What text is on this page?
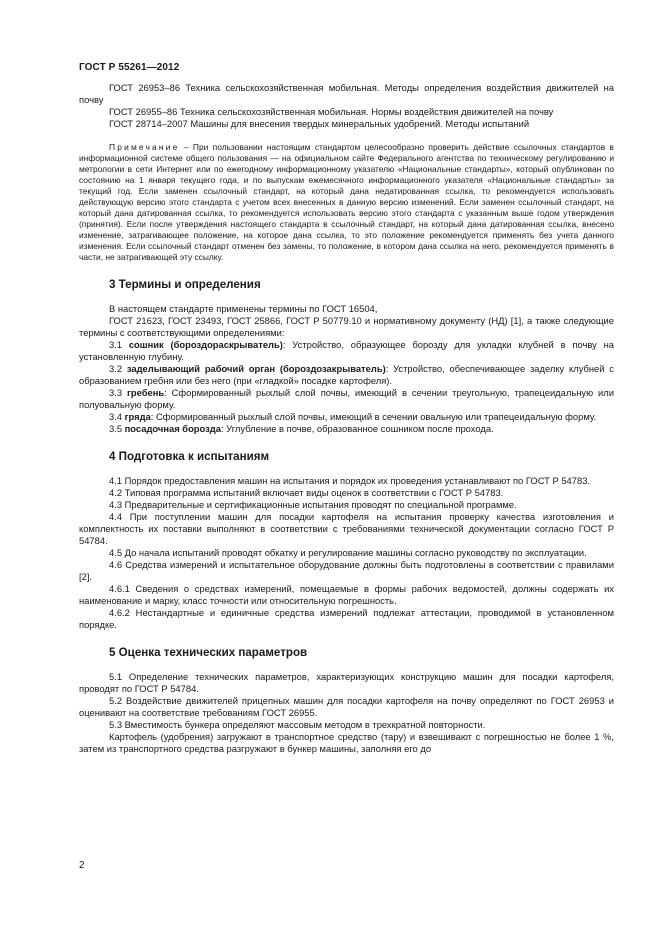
ГОСТ Р 55261—2012

ГОСТ 26953–86 Техника сельскохозяйственная мобильная. Методы определения воздействия движителей на почву

ГОСТ 26955–86 Техника сельскохозяйственная мобильная. Нормы воздействия движителей на почву

ГОСТ 28714–2007 Машины для внесения твердых минеральных удобрений. Методы испытаний

Примечание – При пользовании настоящим стандартом целесообразно проверить действие ссылочных стандартов в информационной системе общего пользования — на официальном сайте Федерального агентства по техническому регулированию и метрологии в сети Интернет или по ежегодному информационному указателю «Национальные стандарты», который опубликован по состоянию на 1 января текущего года, и по выпускам ежемесячного информационного указателя «Национальные стандарты» за текущий год. Если заменен ссылочный стандарт, на который дана недатированная ссылка, то рекомендуется использовать действующую версию этого стандарта с учетом всех внесенных в данную версию изменений. Если заменен ссылочный стандарт, на который дана датированная ссылка, то рекомендуется использовать версию этого стандарта с указанным выше годом утверждения (принятия). Если после утверждения настоящего стандарта в ссылочный стандарт, на который дана датированная ссылка, внесено изменение, затрагивающее положение, на которое дана ссылка, то это положение рекомендуется применять без учета данного изменения. Если ссылочный стандарт отменен без замены, то положение, в котором дана ссылка на него, рекомендуется применять в части, не затрагивающей эту ссылку.

3 Термины и определения

В настоящем стандарте применены термины по ГОСТ 16504,

ГОСТ 21623, ГОСТ 23493, ГОСТ 25866, ГОСТ Р 50779.10 и нормативному документу (НД) [1], а также следующие термины с соответствующими определениями:

3.1 сошник (бороздораскрыватель): Устройство, образующее борозду для укладки клубней в почву на установленную глубину.

3.2 заделывающий рабочий орган (бороздозакрыватель): Устройство, обеспечивающее заделку клубней с образованием гребня или без него (при «гладкой» посадке картофеля).

3.3 гребень: Сформированный рыхлый слой почвы, имеющий в сечении треугольную, трапецеидальную или полуовальную форму.

3.4 гряда: Сформированный рыхлый слой почвы, имеющий в сечении овальную или трапецеидальную форму.

3.5 посадочная борозда: Углубление в почве, образованное сошником после прохода.

4 Подготовка к испытаниям

4.1 Порядок предоставления машин на испытания и порядок их проведения устанавливают по ГОСТ Р 54783.

4.2 Типовая программа испытаний включает виды оценок в соответствии с ГОСТ Р 54783.

4.3 Предварительные и сертификационные испытания проводят по специальной программе.

4.4 При поступлении машин для посадки картофеля на испытания проверку качества изготовления и комплектность их поставки выполняют в соответствии с требованиями технической документации согласно ГОСТ Р 54784.

4.5 До начала испытаний проводят обкатку и регулирование машины согласно руководству по эксплуатации.

4.6 Средства измерений и испытательное оборудование должны быть подготовлены в соответствии с правилами [2].

4.6.1 Сведения о средствах измерений, помещаемые в формы рабочих ведомостей, должны содержать их наименование и марку, класс точности или относительную погрешность.

4.6.2 Нестандартные и единичные средства измерений подлежат аттестации, проводимой в установленном порядке.

5 Оценка технических параметров

5.1 Определение технических параметров, характеризующих конструкцию машин для посадки картофеля, проводят по ГОСТ Р 54784.

5.2 Воздействие движителей прицепных машин для посадки картофеля на почву определяют по ГОСТ 26953 и оценивают на соответствие требованиям ГОСТ 26955.

5.3 Вместимость бункера определяют массовым методом в трехкратной повторности.

Картофель (удобрения) загружают в транспортное средство (тару) и взвешивают с погрешностью не более 1 %, затем из транспортного средства разгружают в бункер машины, заполняя его до

2
